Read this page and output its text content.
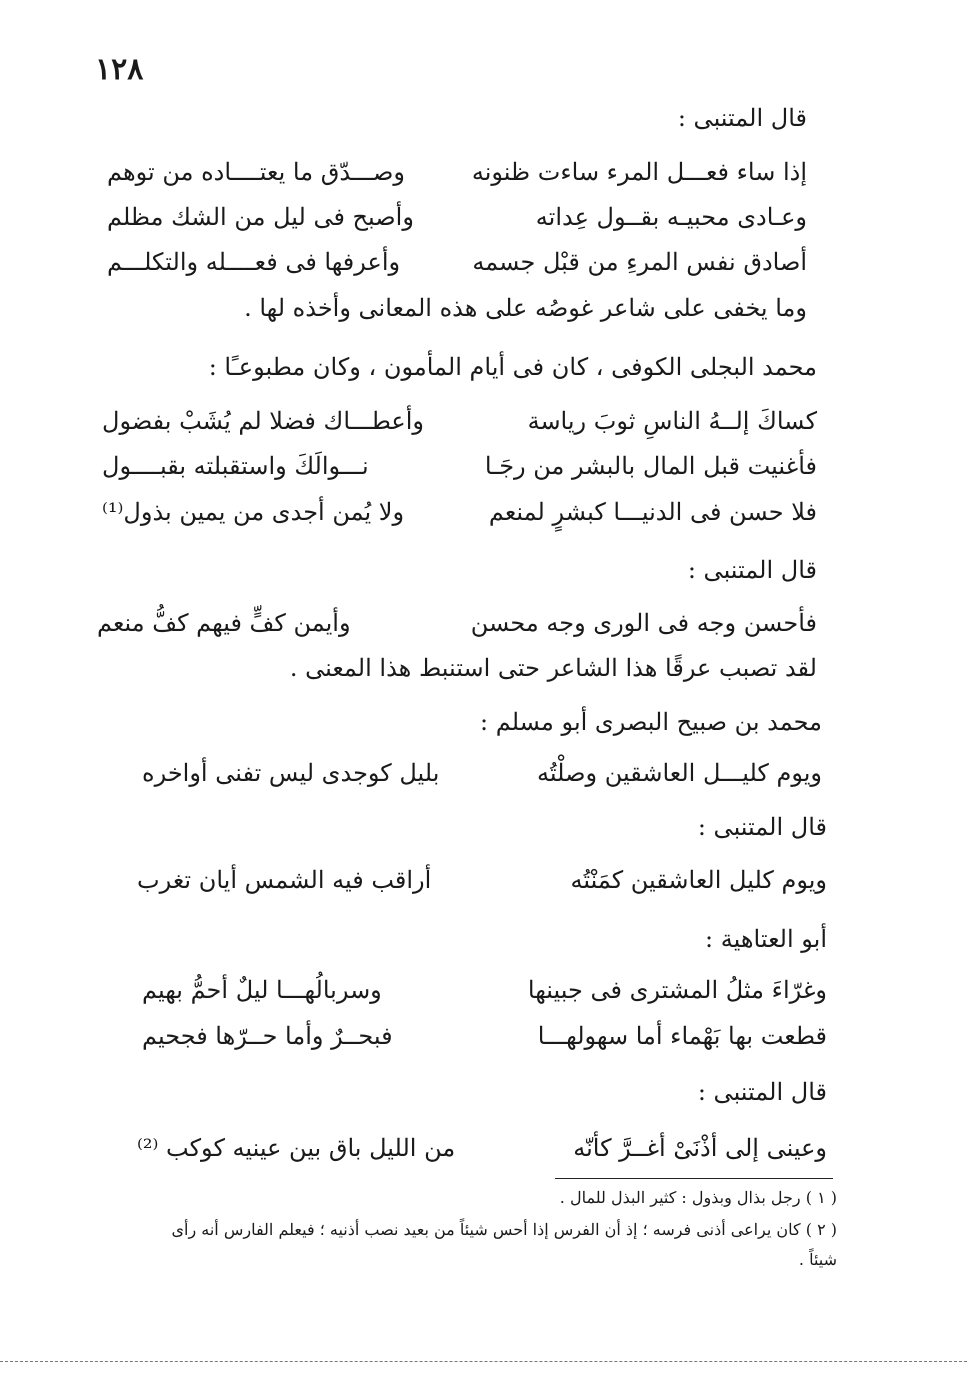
١٢٨
قال المتنبى :
إذا ساء فعـــل المرء ساءت ظنونه
وصـــدّق ما يعتــــاده من توهم
وعـادى محبيـه بقــول عِداته
وأصبح فى ليل من الشك مظلم
أصادق نفس المرءِ من قبْل جسمه
وأعرفها فى فعــــله والتكلـــم
وما يخفى على شاعر غوصُه على هذه المعانى وأخذه لها .
محمد البجلى الكوفى ، كان فى أيام المأمون ، وكان مطبوعـًا :
كساكَ إلــهُ الناسِ ثوبَ رياسة
وأعطـــاك فضلا لم يُشَبْ بفضول
فأغنيت قبل المال بالبشر من رجَـا
نـــوالَكَ واستقبلته بقبــــول
فلا حسن فى الدنيـــا كبشرٍ لمنعم
ولا يُمن أجدى من يمين بذول⁽¹⁾
قال المتنبى :
فأحسن وجه فى الورى وجه محسن
وأيمن كفٍّ فيهم كفُّ منعم
لقد تصبب عرقًا هذا الشاعر حتى استنبط هذا المعنى .
محمد بن صبيح البصرى أبو مسلم :
ويوم كليـــل العاشقين وصلْتُه
بليل كوجدى ليس تفنى أواخره
قال المتنبى :
ويوم كليل العاشقين كمَنْتُه
أراقب فيه الشمس أيان تغرب
أبو العتاهية :
وغرّاءَ مثلُ المشترى فى جبينها
وسربالُهـــا ليلٌ أحمُّ بهيم
قطعت بها بَهْماء أما سهولهـــا
فبحــرٌ وأما حــرّها فجحيم
قال المتنبى :
وعينى إلى أذْنَىْ أغــرَّ كأنّه
من الليل باق بين عينيه كوكب ⁽²⁾
( ١ ) رجل بذال وبذول : كثير البذل للمال .
( ٢ ) كان يراعى أذنى فرسه ؛ إذ أن الفرس إذا أحس شيئاً من بعيد نصب أذنيه ؛ فيعلم الفارس أنه رأى
شيئاً .
